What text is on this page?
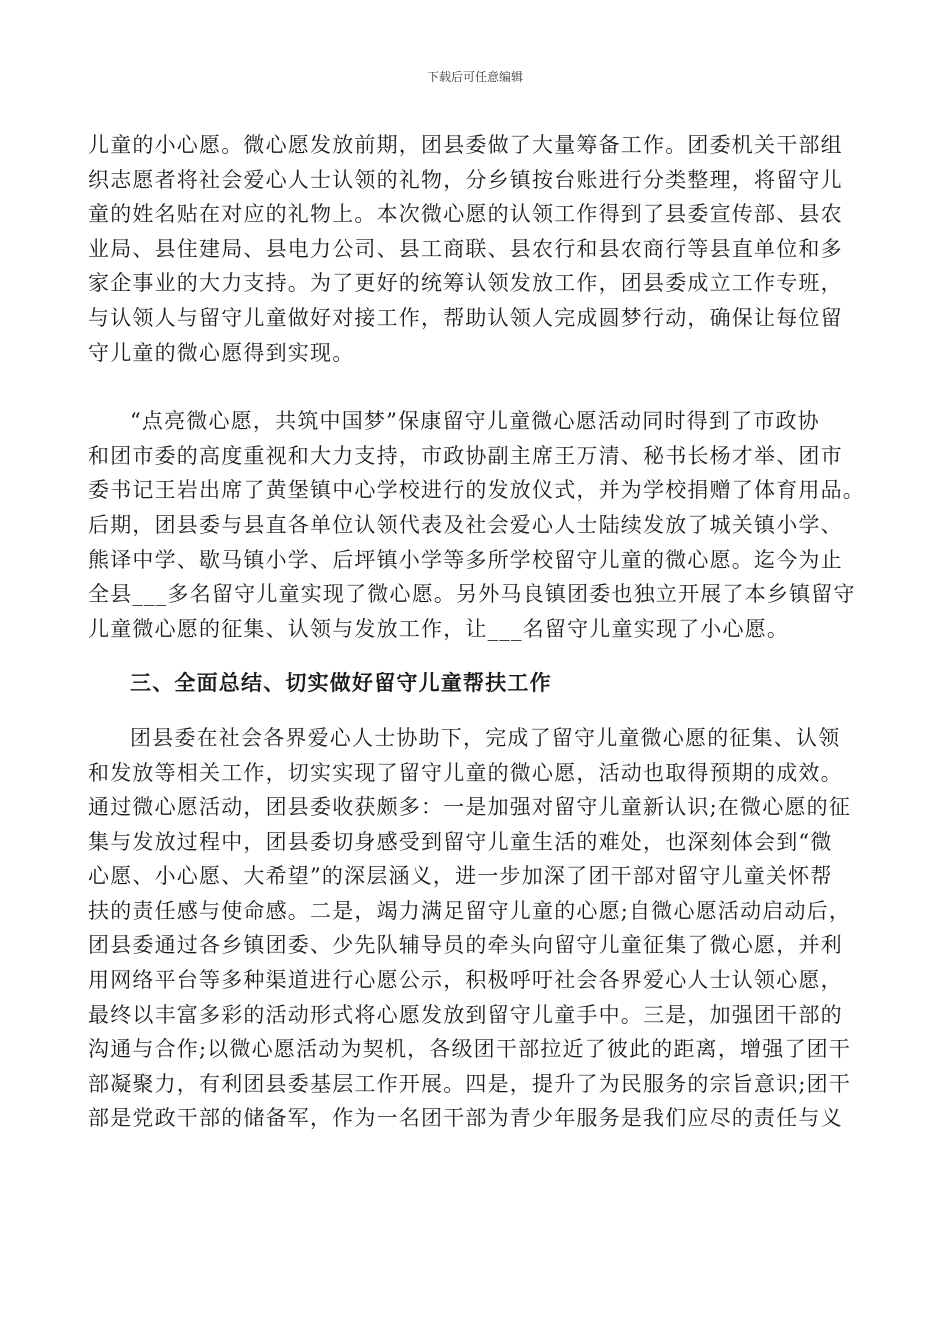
下载后可任意编辑
儿童的小心愿。微心愿发放前期，团县委做了大量筹备工作。团委机关干部组
织志愿者将社会爱心人士认领的礼物，分乡镇按台账进行分类整理，将留守儿
童的姓名贴在对应的礼物上。本次微心愿的认领工作得到了县委宣传部、县农
业局、县住建局、县电力公司、县工商联、县农行和县农商行等县直单位和多
家企事业的大力支持。为了更好的统筹认领发放工作，团县委成立工作专班，
与认领人与留守儿童做好对接工作，帮助认领人完成圆梦行动，确保让每位留
守儿童的微心愿得到实现。
“点亮微心愿，共筑中国梦”保康留守儿童微心愿活动同时得到了市政协
和团市委的高度重视和大力支持，市政协副主席王万清、秘书长杨才举、团市
委书记王岩出席了黄堡镇中心学校进行的发放仪式，并为学校捐赠了体育用品。
后期，团县委与县直各单位认领代表及社会爱心人士陆续发放了城关镇小学、
熊译中学、歇马镇小学、后坪镇小学等多所学校留守儿童的微心愿。迄今为止
全县___多名留守儿童实现了微心愿。另外马良镇团委也独立开展了本乡镇留守
儿童微心愿的征集、认领与发放工作，让___名留守儿童实现了小心愿。
三、全面总结、切实做好留守儿童帮扶工作
团县委在社会各界爱心人士协助下，完成了留守儿童微心愿的征集、认领
和发放等相关工作，切实实现了留守儿童的微心愿，活动也取得预期的成效。
通过微心愿活动，团县委收获颇多：一是加强对留守儿童新认识;在微心愿的征
集与发放过程中，团县委切身感受到留守儿童生活的难处，也深刻体会到“微
心愿、小心愿、大希望”的深层涵义，进一步加深了团干部对留守儿童关怀帮
扶的责任感与使命感。二是，竭力满足留守儿童的心愿;自微心愿活动启动后，
团县委通过各乡镇团委、少先队辅导员的牵头向留守儿童征集了微心愿，并利
用网络平台等多种渠道进行心愿公示，积极呼吁社会各界爱心人士认领心愿，
最终以丰富多彩的活动形式将心愿发放到留守儿童手中。三是，加强团干部的
沟通与合作;以微心愿活动为契机，各级团干部拉近了彼此的距离，增强了团干
部凝聚力，有利团县委基层工作开展。四是，提升了为民服务的宗旨意识;团干
部是党政干部的储备军，作为一名团干部为青少年服务是我们应尽的责任与义
